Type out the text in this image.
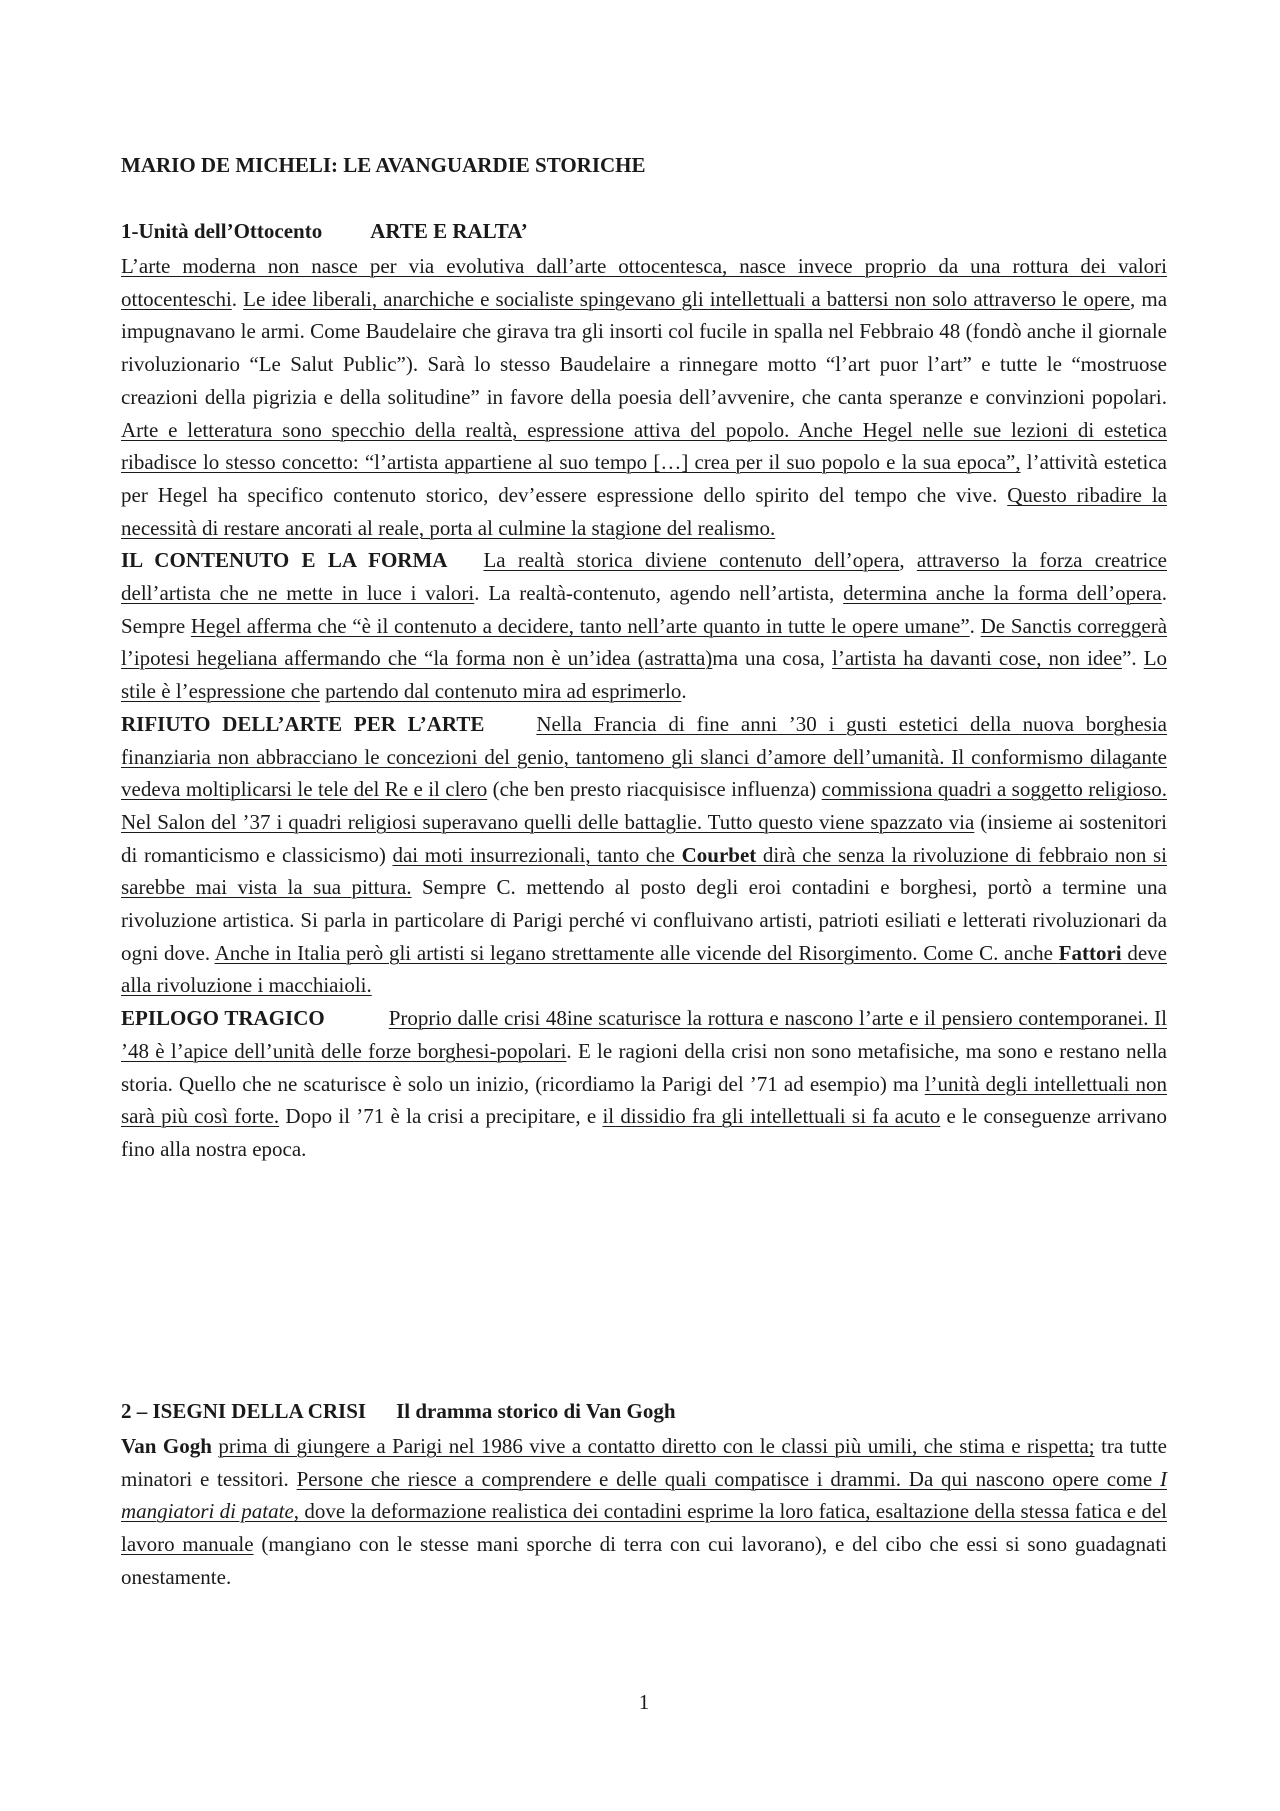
MARIO DE MICHELI: LE AVANGUARDIE STORICHE
1-Unità dell’Ottocento ARTE E RALTA’

L’arte moderna non nasce per via evolutiva dall’arte ottocentesca, nasce invece proprio da una rottura dei valori ottocenteschi. Le idee liberali, anarchiche e socialiste spingevano gli intellettuali a battersi non solo attraverso le opere, ma impugnavano le armi. Come Baudelaire che girava tra gli insorti col fucile in spalla nel Febbraio 48 (fondò anche il giornale rivoluzionario “Le Salut Public”). Sarà lo stesso Baudelaire a rinnegare motto “l’art puor l’art” e tutte le “mostruose creazioni della pigrizia e della solitudine” in favore della poesia dell’avvenire, che canta speranze e convinzioni popolari. Arte e letteratura sono specchio della realtà, espressione attiva del popolo. Anche Hegel nelle sue lezioni di estetica ribadisce lo stesso concetto: “l’artista appartiene al suo tempo […] crea per il suo popolo e la sua epoca”, l’attività estetica per Hegel ha specifico contenuto storico, dev’essere espressione dello spirito del tempo che vive. Questo ribadire la necessità di restare ancorati al reale, porta al culmine la stagione del realismo.

IL CONTENUTO E LA FORMA La realtà storica diviene contenuto dell’opera, attraverso la forza creatrice dell’artista che ne mette in luce i valori. La realtà-contenuto, agendo nell’artista, determina anche la forma dell’opera. Sempre Hegel afferma che “è il contenuto a decidere, tanto nell’arte quanto in tutte le opere umane”. De Sanctis correggerà l’ipotesi hegeliana affermando che “la forma non è un’idea (astratta)ma una cosa, l’artista ha davanti cose, non idee”. Lo stile è l’espressione che partendo dal contenuto mira ad esprimerlo.

RIFIUTO DELL’ARTE PER L’ARTE Nella Francia di fine anni ’30 i gusti estetici della nuova borghesia finanziaria non abbracciano le concezioni del genio, tantomeno gli slanci d’amore dell’umanità. Il conformismo dilagante vedeva moltiplicarsi le tele del Re e il clero (che ben presto riacquisisce influenza) commissiona quadri a soggetto religioso. Nel Salon del ’37 i quadri religiosi superavano quelli delle battaglie. Tutto questo viene spazzato via (insieme ai sostenitori di romanticismo e classicismo) dai moti insurrezionali, tanto che Courbet dirà che senza la rivoluzione di febbraio non si sarebbe mai vista la sua pittura. Sempre C. mettendo al posto degli eroi contadini e borghesi, portò a termine una rivoluzione artistica. Si parla in particolare di Parigi perché vi confluivano artisti, patrioti esiliati e letterati rivoluzionari da ogni dove. Anche in Italia però gli artisti si legano strettamente alle vicende del Risorgimento. Come C. anche Fattori deve alla rivoluzione i macchiaioli.

EPILOGO TRAGICO	Proprio dalle crisi 48ine scaturisce la rottura e nascono l’arte e il pensiero contemporanei. Il ’48 è l’apice dell’unità delle forze borghesi-popolari. E le ragioni della crisi non sono metafisiche, ma sono e restano nella storia. Quello che ne scaturisce è solo un inizio, (ricordiamo la Parigi del ’71 ad esempio) ma l’unità degli intellettuali non sarà più così forte. Dopo il ’71 è la crisi a precipitare, e il dissidio fra gli intellettuali si fa acuto e le conseguenze arrivano fino alla nostra epoca.

2 – ISEGNI DELLA CRISI Il dramma storico di Van Gogh

Van Gogh prima di giungere a Parigi nel 1986 vive a contatto diretto con le classi più umili, che stima e rispetta; tra tutte minatori e tessitori. Persone che riesce a comprendere e delle quali compatisce i drammi. Da qui nascono opere come I mangiatori di patate, dove la deformazione realistica dei contadini esprime la loro fatica, esaltazione della stessa fatica e del lavoro manuale (mangiano con le stesse mani sporche di terra con cui lavorano), e del cibo che essi si sono guadagnati onestamente.

1
